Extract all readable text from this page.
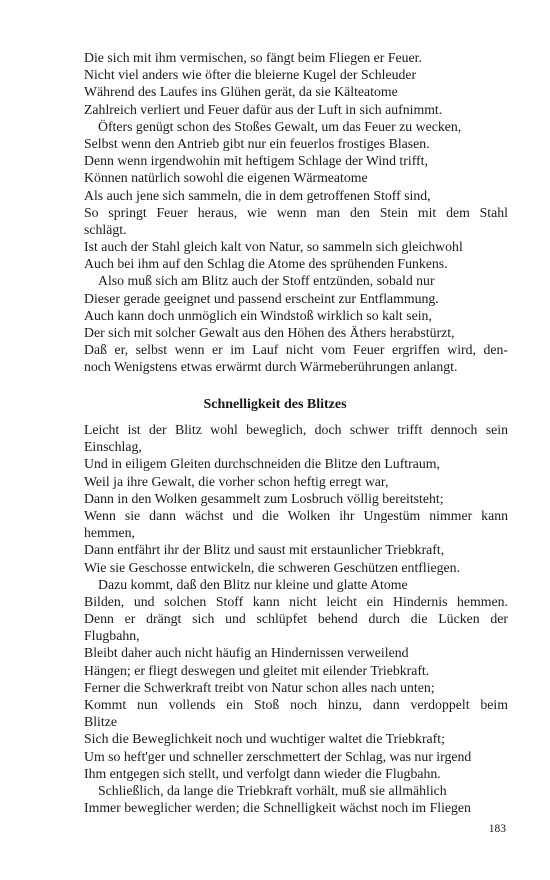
Die sich mit ihm vermischen, so fängt beim Fliegen er Feuer.
Nicht viel anders wie öfter die bleierne Kugel der Schleuder
Während des Laufes ins Glühen gerät, da sie Kälteatome
Zahlreich verliert und Feuer dafür aus der Luft in sich aufnimmt.
Öfters genügt schon des Stoßes Gewalt, um das Feuer zu wecken,
Selbst wenn den Antrieb gibt nur ein feuerlos frostiges Blasen.
Denn wenn irgendwohin mit heftigem Schlage der Wind trifft,
Können natürlich sowohl die eigenen Wärmeatome
Als auch jene sich sammeln, die in dem getroffenen Stoff sind,
So springt Feuer heraus, wie wenn man den Stein mit dem Stahl
schlägt.
Ist auch der Stahl gleich kalt von Natur, so sammeln sich gleichwohl
Auch bei ihm auf den Schlag die Atome des sprühenden Funkens.
Also muß sich am Blitz auch der Stoff entzünden, sobald nur
Dieser gerade geeignet und passend erscheint zur Entflammung.
Auch kann doch unmöglich ein Windstoß wirklich so kalt sein,
Der sich mit solcher Gewalt aus den Höhen des Äthers herabstürzt,
Daß er, selbst wenn er im Lauf nicht vom Feuer ergriffen wird, den-
noch Wenigstens etwas erwärmt durch Wärmeberührungen anlangt.
Schnelligkeit des Blitzes
Leicht ist der Blitz wohl beweglich, doch schwer trifft dennoch sein
Einschlag,
Und in eiligem Gleiten durchschneiden die Blitze den Luftraum,
Weil ja ihre Gewalt, die vorher schon heftig erregt war,
Dann in den Wolken gesammelt zum Losbruch völlig bereitsteht;
Wenn sie dann wächst und die Wolken ihr Ungestüm nimmer kann
hemmen,
Dann entfährt ihr der Blitz und saust mit erstaunlicher Triebkraft,
Wie sie Geschosse entwickeln, die schweren Geschützen entfliegen.
Dazu kommt, daß den Blitz nur kleine und glatte Atome
Bilden, und solchen Stoff kann nicht leicht ein Hindernis hemmen.
Denn er drängt sich und schlüpfet behend durch die Lücken der
Flugbahn,
Bleibt daher auch nicht häufig an Hindernissen verweilend
Hängen; er fliegt deswegen und gleitet mit eilender Triebkraft.
Ferner die Schwerkraft treibt von Natur schon alles nach unten;
Kommt nun vollends ein Stoß noch hinzu, dann verdoppelt beim
Blitze
Sich die Beweglichkeit noch und wuchtiger waltet die Triebkraft;
Um so heft'ger und schneller zerschmettert der Schlag, was nur irgend
Ihm entgegen sich stellt, und verfolgt dann wieder die Flugbahn.
Schließlich, da lange die Triebkraft vorhält, muß sie allmählich
Immer beweglicher werden; die Schnelligkeit wächst noch im Fliegen
183
